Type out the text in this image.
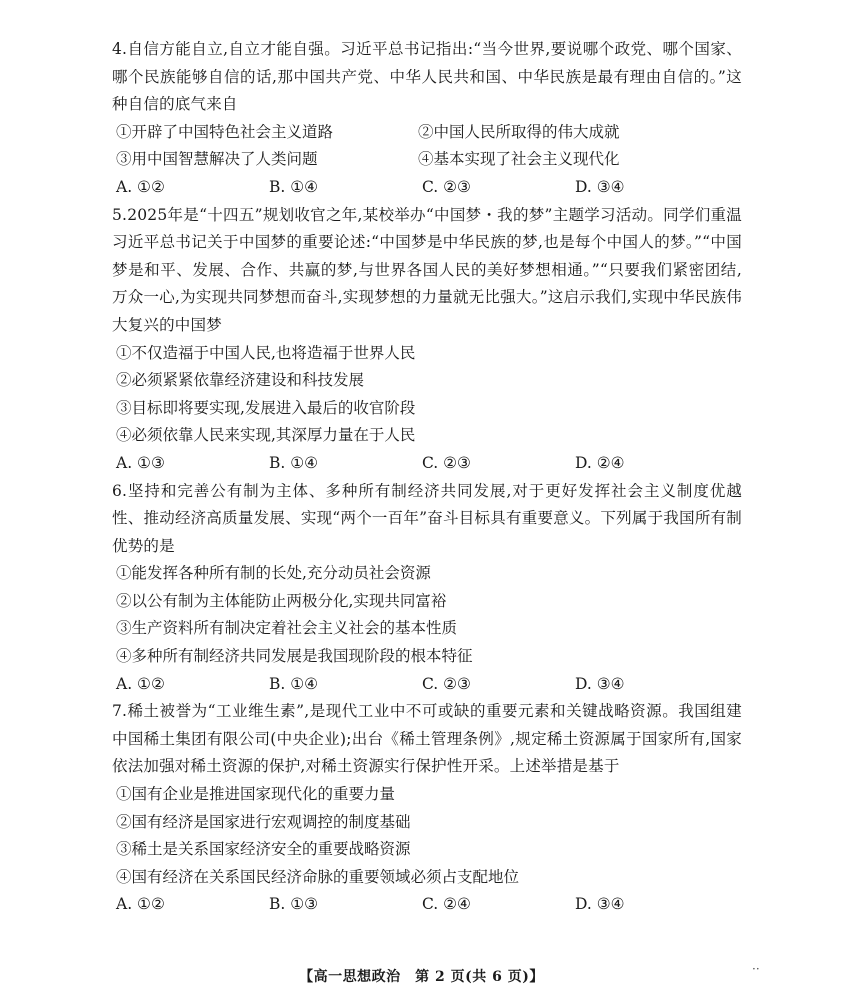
4.自信方能自立,自立才能自强。习近平总书记指出:“当今世界,要说哪个政党、哪个国家、哪个民族能够自信的话,那中国共产党、中华人民共和国、中华民族是最有理由自信的。”这种自信的底气来自

①开辟了中国特色社会主义道路	②中国人民所取得的伟大成就
③用中国智慧解决了人类问题	④基本实现了社会主义现代化
A. ①②	B. ①④	C. ②③	D. ③④

5.2025年是“十四五”规划收官之年,某校举办“中国梦・我的梦”主题学习活动。同学们重温习近平总书记关于中国梦的重要论述:“中国梦是中华民族的梦,也是每个中国人的梦。”“中国梦是和平、发展、合作、共赢的梦,与世界各国人民的美好梦想相通。”“只要我们紧密团结,万众一心,为实现共同梦想而奋斗,实现梦想的力量就无比强大。”这启示我们,实现中华民族伟大复兴的中国梦

①不仅造福于中国人民,也将造福于世界人民
②必须紧紧依靠经济建设和科技发展
③目标即将要实现,发展进入最后的收官阶段
④必须依靠人民来实现,其深厚力量在于人民
A. ①③	B. ①④	C. ②③	D. ②④

6.坚持和完善公有制为主体、多种所有制经济共同发展,对于更好发挥社会主义制度优越性、推动经济高质量发展、实现“两个一百年”奋斗目标具有重要意义。下列属于我国所有制优势的是

①能发挥各种所有制的长处,充分动员社会资源
②以公有制为主体能防止两极分化,实现共同富裕
③生产资料所有制决定着社会主义社会的基本性质
④多种所有制经济共同发展是我国现阶段的根本特征
A. ①②	B. ①④	C. ②③	D. ③④

7.稀土被誉为“工业维生素”,是现代工业中不可或缺的重要元素和关键战略资源。我国组建中国稀土集团有限公司(中央企业);出台《稀土管理条例》,规定稀土资源属于国家所有,国家依法加强对稀土资源的保护,对稀土资源实行保护性开采。上述举措是基于

①国有企业是推进国家现代化的重要力量
②国有经济是国家进行宏观调控的制度基础
③稀土是关系国家经济安全的重要战略资源
④国有经济在关系国民经济命脉的重要领域必须占支配地位
A. ①②	B. ①③	C. ②④	D. ③④
【高一思想政治　第 2 页(共 6 页)】	··
